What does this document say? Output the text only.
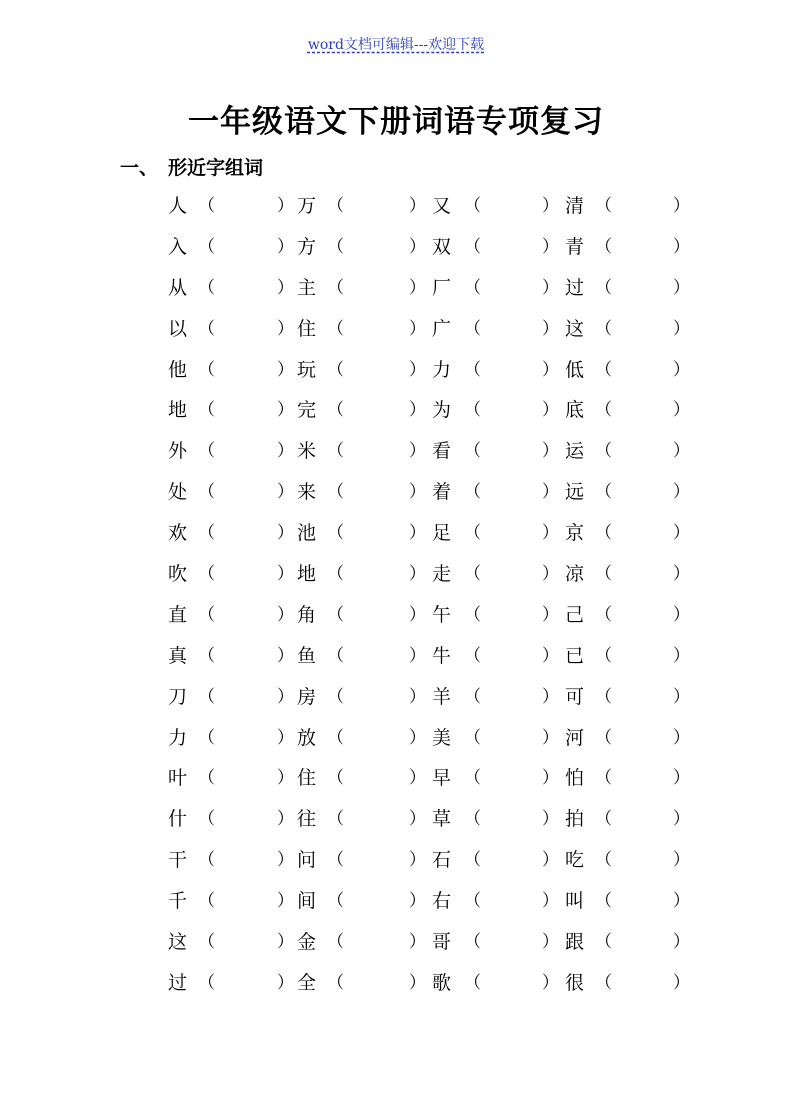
word文档可编辑---欢迎下载
一年级语文下册词语专项复习
一、 形近字组词
人 （	） 万 （	） 又 （	） 清 （	）
入 （	） 方 （	） 双 （	） 青 （	）
从 （	） 主 （	） 厂 （	） 过 （	）
以 （	） 住 （	） 广 （	） 这 （	）
他 （	） 玩 （	） 力 （	） 低 （	）
地 （	） 完 （	） 为 （	） 底 （	）
外 （	） 米 （	） 看 （	） 运 （	）
处 （	） 来 （	） 着 （	） 远 （	）
欢 （	） 池 （	） 足 （	） 京 （	）
吹 （	） 地 （	） 走 （	） 凉 （	）
直 （	） 角 （	） 午 （	） 己 （	）
真 （	） 鱼 （	） 牛 （	） 已 （	）
刀 （	） 房 （	） 羊 （	） 可 （	）
力 （	） 放 （	） 美 （	） 河 （	）
叶 （	） 住 （	） 早 （	） 怕 （	）
什 （	） 往 （	） 草 （	） 拍 （	）
干 （	） 问 （	） 石 （	） 吃 （	）
千 （	） 间 （	） 右 （	） 叫 （	）
这 （	） 金 （	） 哥 （	） 跟 （	）
过 （	） 全 （	） 歌 （	） 很 （	）
